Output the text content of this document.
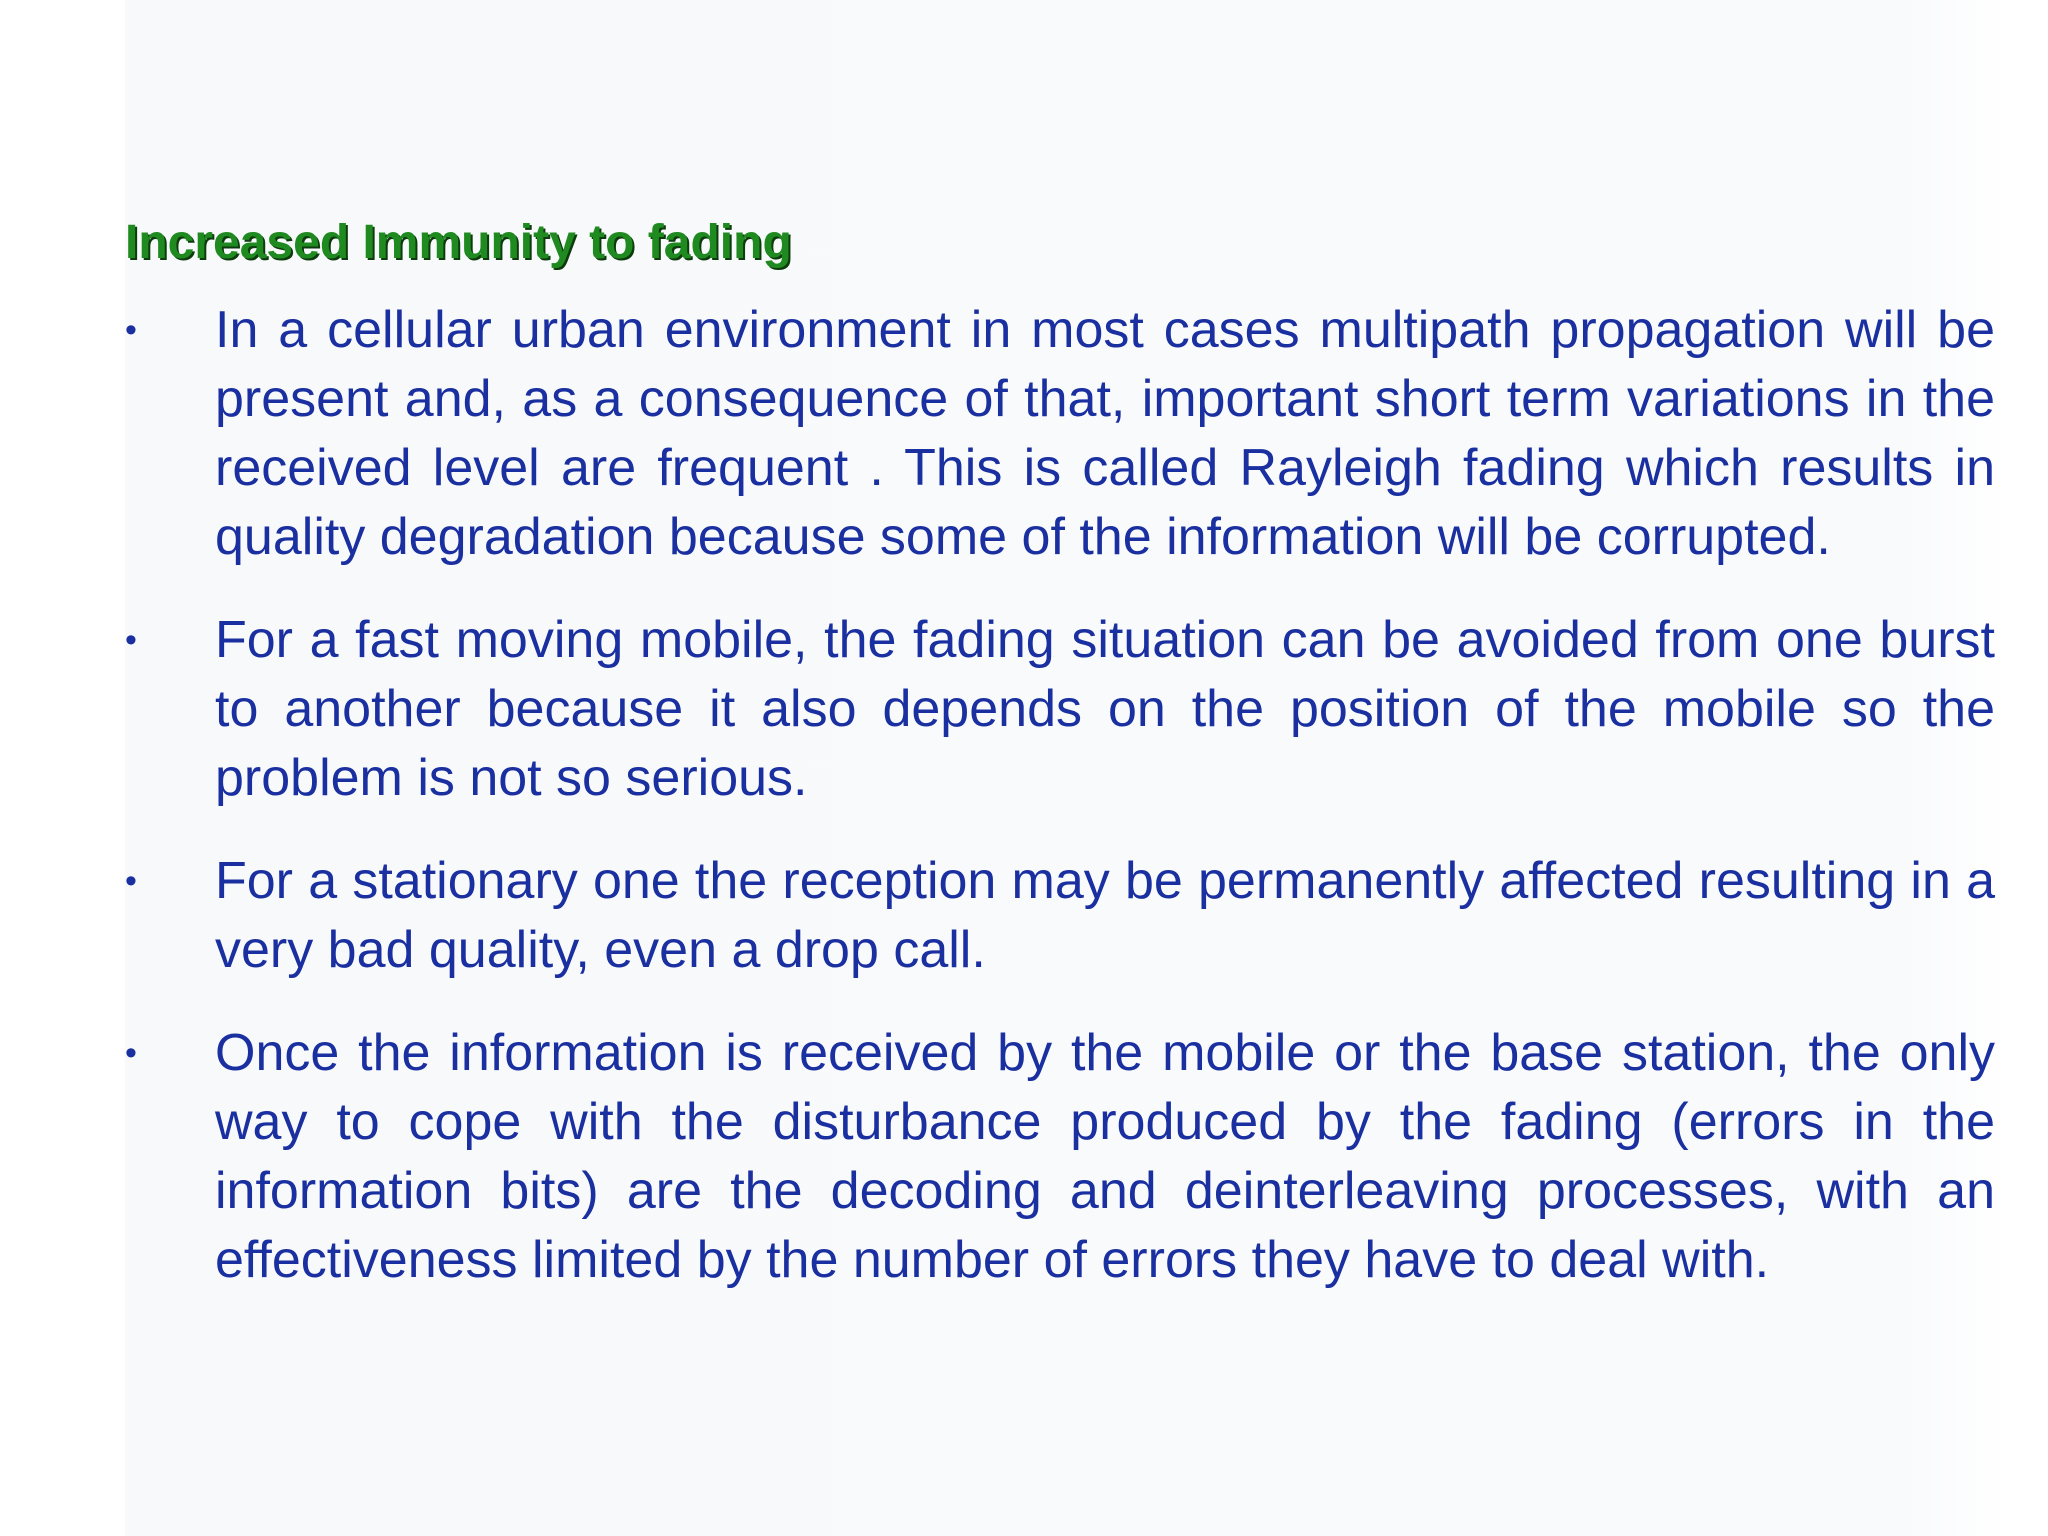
Increased Immunity to fading
• In a cellular urban environment in most cases multipath propagation will be present and, as a consequence of that, important short term variations in the received level are frequent . This is called Rayleigh fading which results in quality degradation because some of the information will be corrupted.
• For a fast moving mobile, the fading situation can be avoided from one burst to another because it also depends on the position of the mobile so the problem is not so serious.
• For a stationary one the reception may be permanently affected resulting in a very bad quality, even a drop call.
• Once the information is received by the mobile or the base station, the only way to cope with the disturbance produced by the fading (errors in the information bits) are the decoding and deinterleaving processes, with an effectiveness limited by the number of errors they have to deal with.
